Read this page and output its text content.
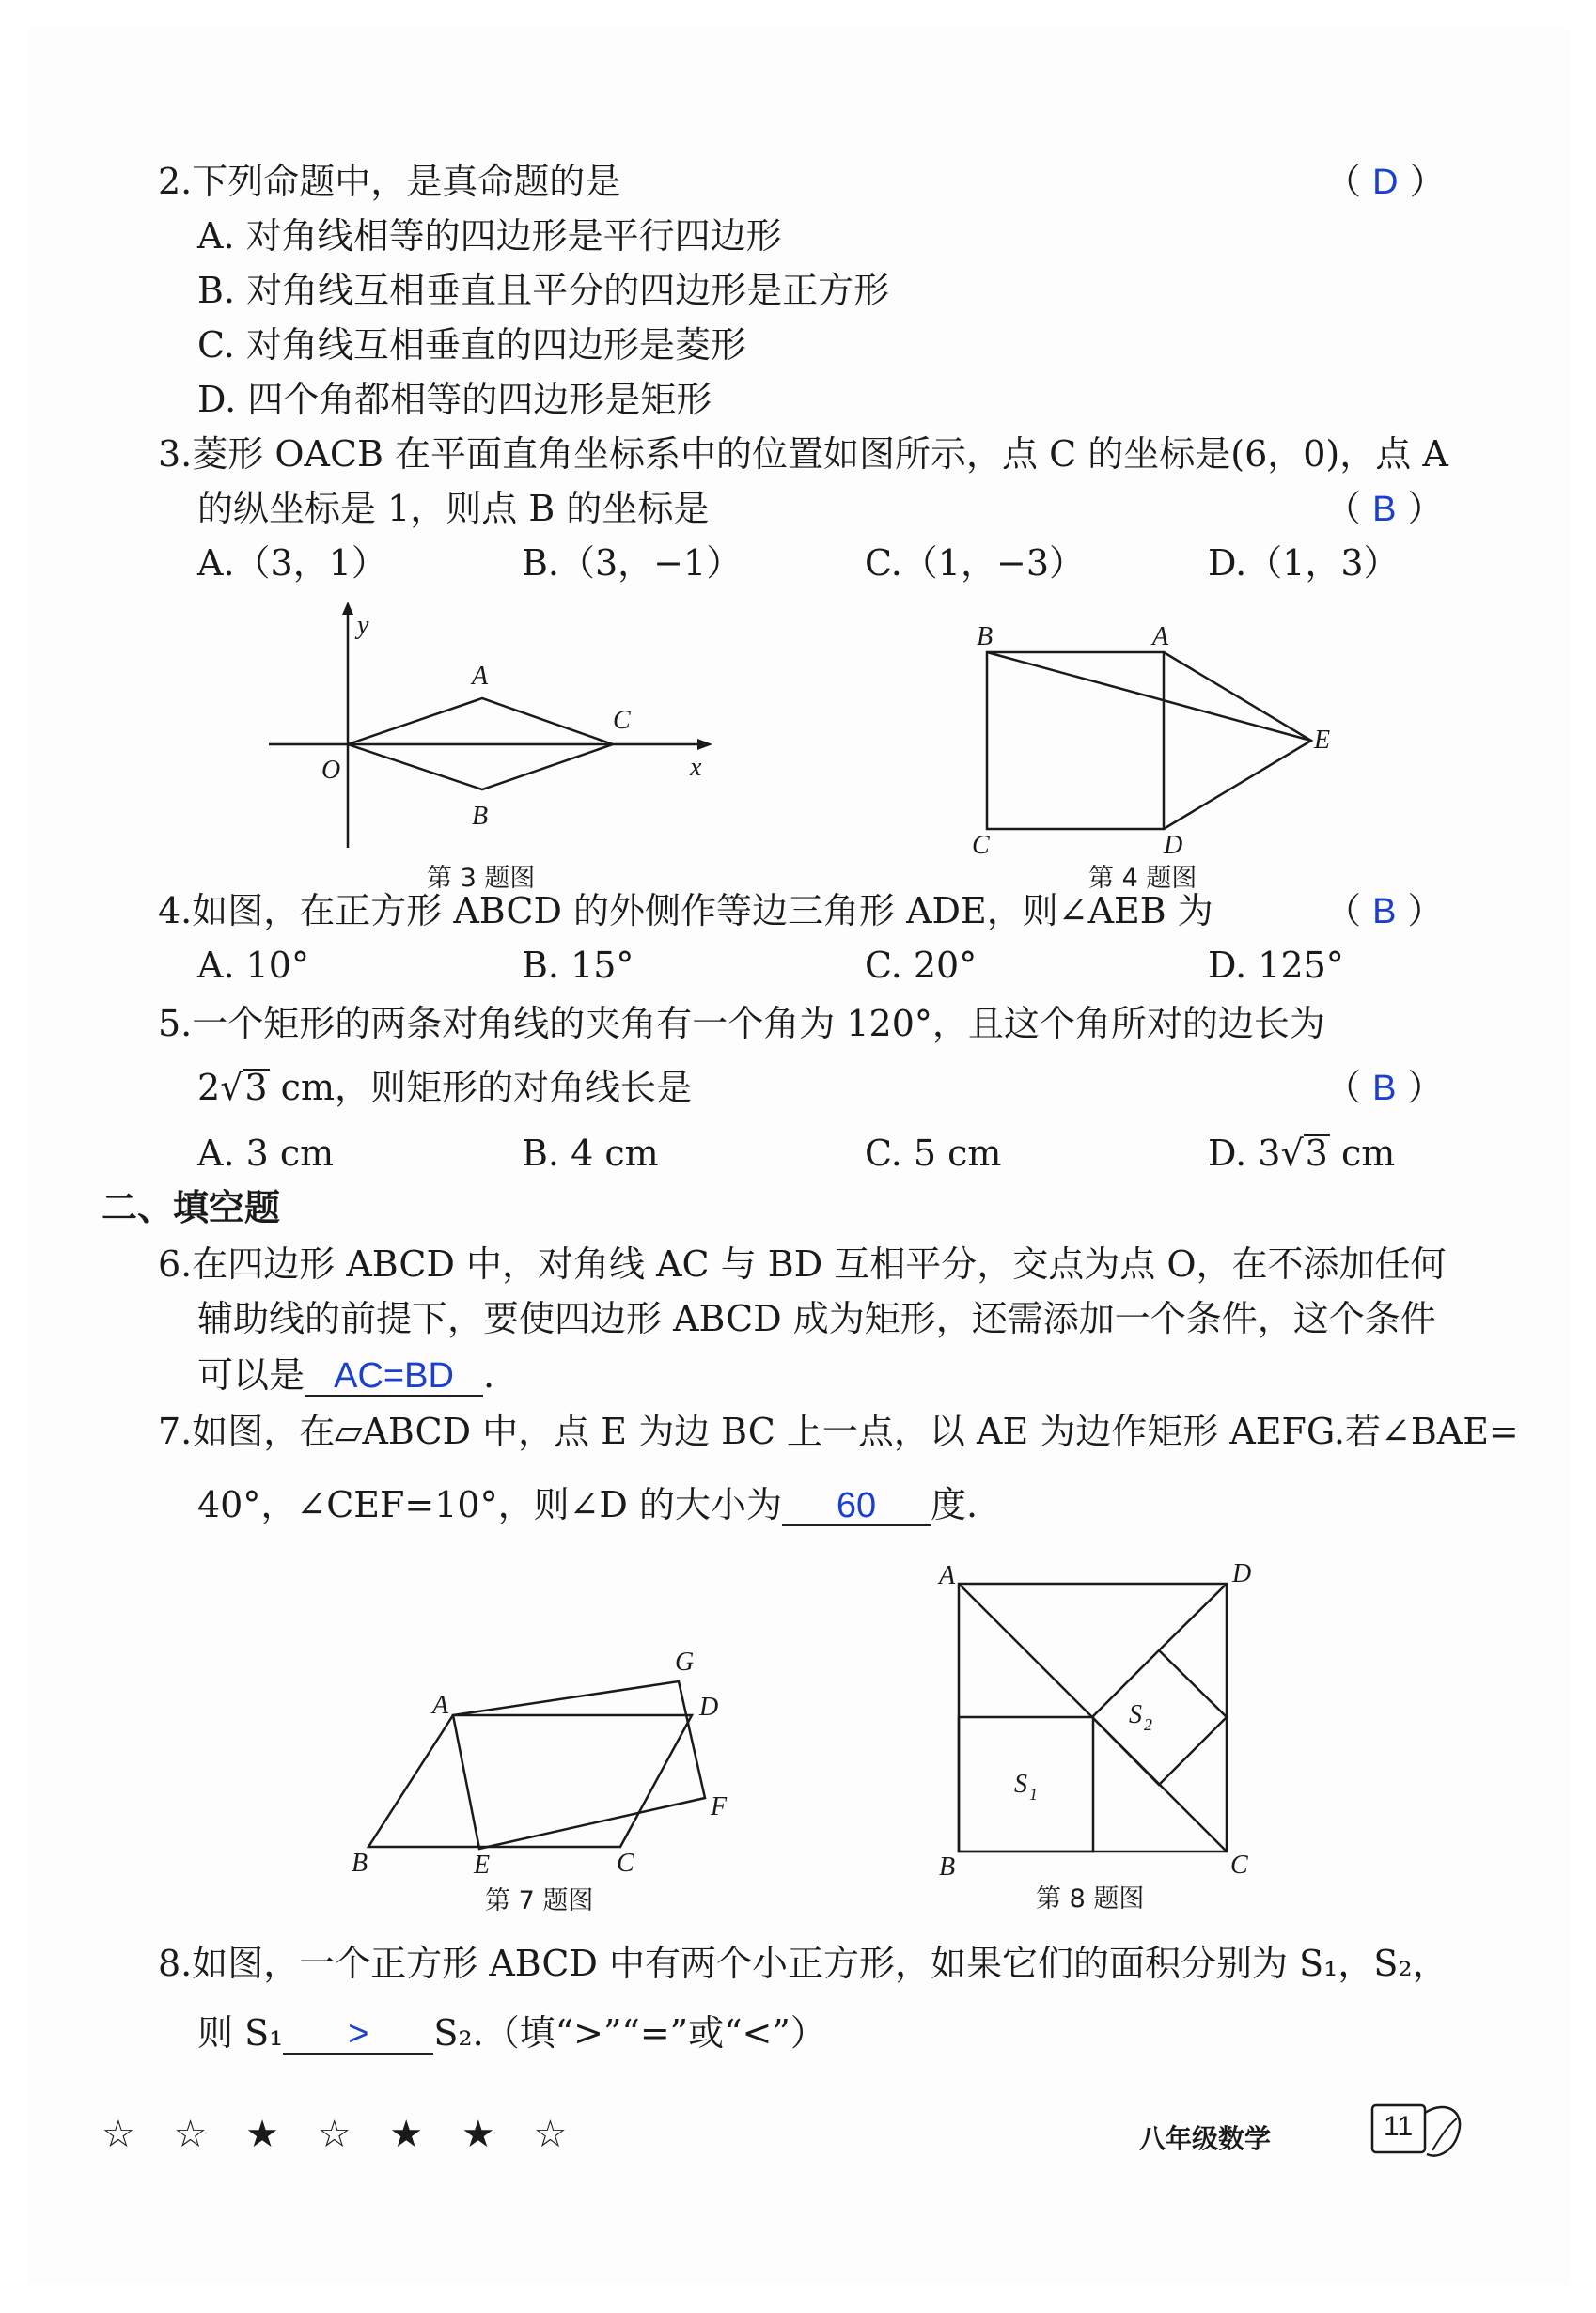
2.下列命题中，是真命题的是	（ D ）
A. 对角线相等的四边形是平行四边形
B. 对角线互相垂直且平分的四边形是正方形
C. 对角线互相垂直的四边形是菱形
D. 四个角都相等的四边形是矩形
3.菱形 OACB 在平面直角坐标系中的位置如图所示，点 C 的坐标是(6，0)，点 A
的纵坐标是 1，则点 B 的坐标是	（ B ）
A.（3，1）	B.（3，−1）	C.（1，−3）	D.（1，3）
y
x
O
A
B
C
第 3 题图
B	A
C	D
E
第 4 题图
4.如图，在正方形 ABCD 的外侧作等边三角形 ADE，则∠AEB 为	（ B ）
A. 10°	B. 15°	C. 20°	D. 125°
5.一个矩形的两条对角线的夹角有一个角为 120°，且这个角所对的边长为
2√3 cm，则矩形的对角线长是	（ B ）
A. 3 cm	B. 4 cm	C. 5 cm	D. 3√3 cm
二、填空题
6.在四边形 ABCD 中，对角线 AC 与 BD 互相平分，交点为点 O，在不添加任何
辅助线的前提下，要使四边形 ABCD 成为矩形，还需添加一个条件，这个条件
可以是 AC=BD .
7.如图，在▱ABCD 中，点 E 为边 BC 上一点，以 AE 为边作矩形 AEFG.若∠BAE=
40°，∠CEF=10°，则∠D 的大小为 60 度.
A
B	C
D
E
F
G
第 7 题图
A	D
B	C
S 1
S 2
第 8 题图
8.如图，一个正方形 ABCD 中有两个小正方形，如果它们的面积分别为 S₁，S₂，
则 S₁ > S₂.（填“>”“=”或“<”）
☆ ☆ ★ ☆ ★ ★ ☆	八年级数学	11
